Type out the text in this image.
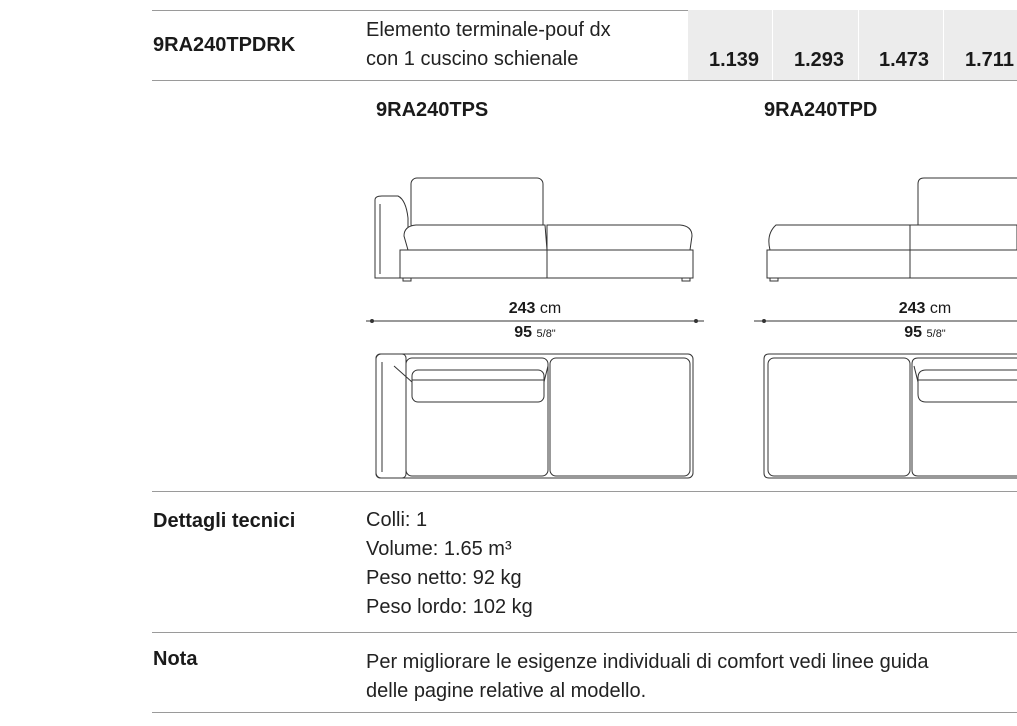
9RA240TPDRK
Elemento terminale-pouf dx
con 1 cuscino schienale	1.139 1.293 1.473 1.711
9RA240TPS
243 cm
95 5/8"
9RA240TPD
243 cm
95 5/8"
Dettagli tecnici	Colli: 1
Volume: 1.65 m³
Peso netto: 92 kg
Peso lordo: 102 kg
Nota	Per migliorare le esigenze individuali di comfort vedi linee guida
delle pagine relative al modello.
